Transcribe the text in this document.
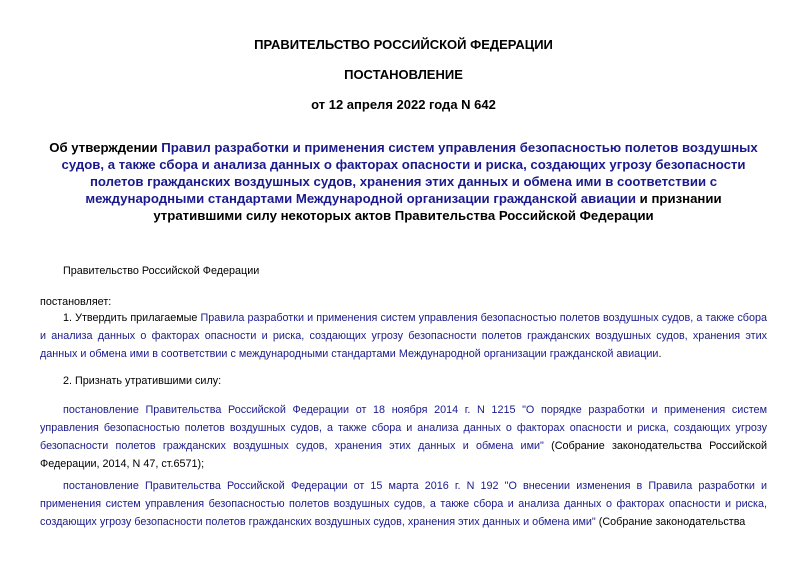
ПРАВИТЕЛЬСТВО РОССИЙСКОЙ ФЕДЕРАЦИИ
ПОСТАНОВЛЕНИЕ
от 12 апреля 2022 года N 642
Об утверждении Правил разработки и применения систем управления безопасностью полетов воздушных судов, а также сбора и анализа данных о факторах опасности и риска, создающих угрозу безопасности полетов гражданских воздушных судов, хранения этих данных и обмена ими в соответствии с международными стандартами Международной организации гражданской авиации и признании утратившими силу некоторых актов Правительства Российской Федерации
Правительство Российской Федерации
постановляет:
1. Утвердить прилагаемые Правила разработки и применения систем управления безопасностью полетов воздушных судов, а также сбора и анализа данных о факторах опасности и риска, создающих угрозу безопасности полетов гражданских воздушных судов, хранения этих данных и обмена ими в соответствии с международными стандартами Международной организации гражданской авиации.
2. Признать утратившими силу:
постановление Правительства Российской Федерации от 18 ноября 2014 г. N 1215 "О порядке разработки и применения систем управления безопасностью полетов воздушных судов, а также сбора и анализа данных о факторах опасности и риска, создающих угрозу безопасности полетов гражданских воздушных судов, хранения этих данных и обмена ими" (Собрание законодательства Российской Федерации, 2014, N 47, ст.6571);
постановление Правительства Российской Федерации от 15 марта 2016 г. N 192 "О внесении изменения в Правила разработки и применения систем управления безопасностью полетов воздушных судов, а также сбора и анализа данных о факторах опасности и риска, создающих угрозу безопасности полетов гражданских воздушных судов, хранения этих данных и обмена ими" (Собрание законодательства
